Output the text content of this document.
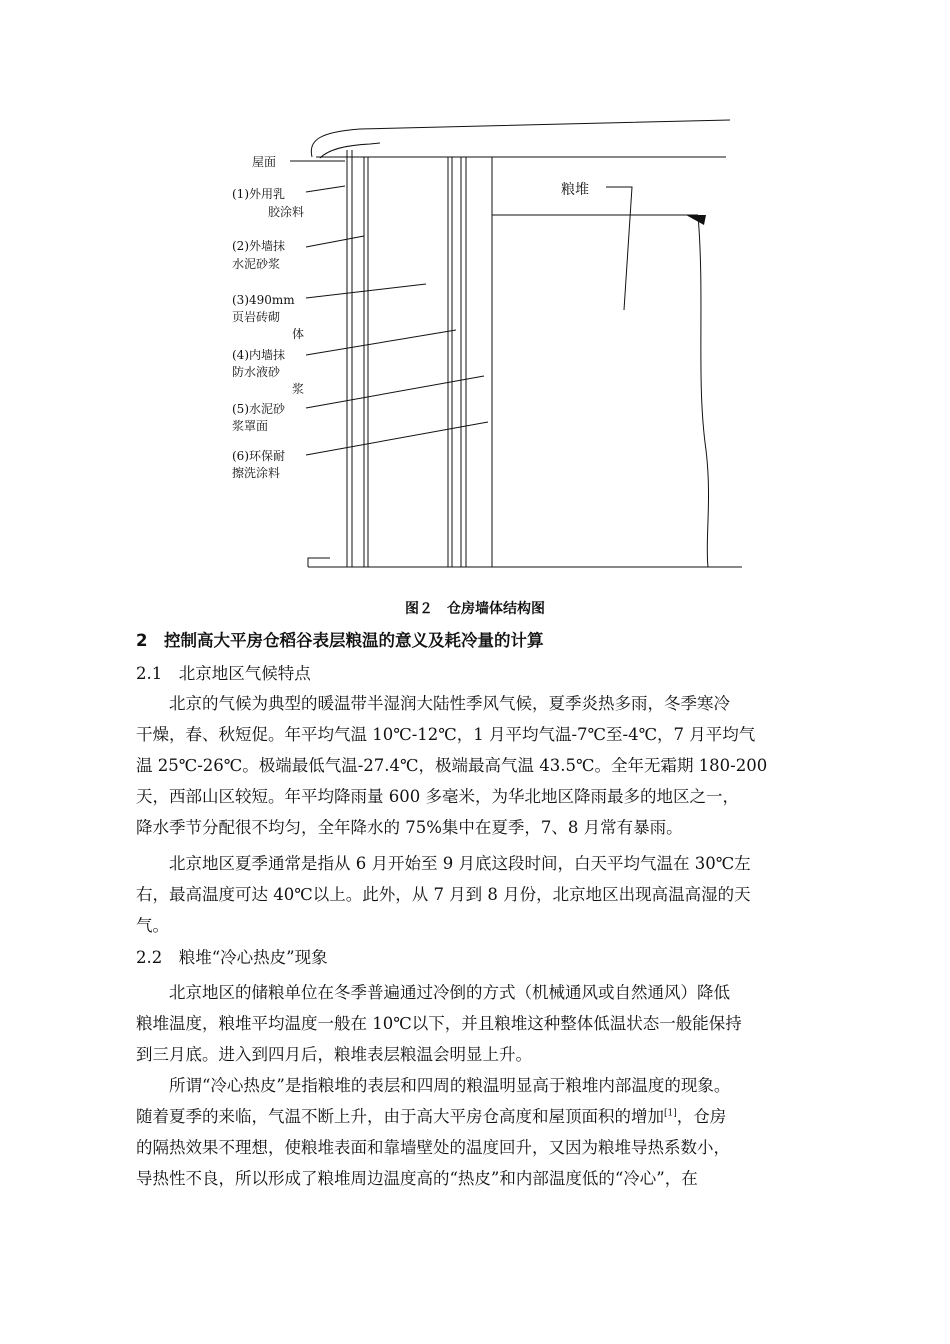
屋面
(1)外用乳
胶涂料
(2)外墙抹
水泥砂浆
(3)490mm
页岩砖砌
体
(4)内墙抹
防水液砂
浆
(5)水泥砂
浆罩面
(6)环保耐
擦洗涂料
粮堆
图２　仓房墙体结构图
2　控制高大平房仓稻谷表层粮温的意义及耗冷量的计算
2.1　北京地区气候特点
　　北京的气候为典型的暖温带半湿润大陆性季风气候，夏季炎热多雨，冬季寒冷
干燥，春、秋短促。年平均气温 10℃-12℃，1 月平均气温-7℃至-4℃，7 月平均气
温 25℃-26℃。极端最低气温-27.4℃，极端最高气温 43.5℃。全年无霜期 180-200
天，西部山区较短。年平均降雨量 600 多毫米，为华北地区降雨最多的地区之一，
降水季节分配很不均匀，全年降水的 75%集中在夏季，7、8 月常有暴雨。
　　北京地区夏季通常是指从 6 月开始至 9 月底这段时间，白天平均气温在 30℃左
右，最高温度可达 40℃以上。此外，从 7 月到 8 月份，北京地区出现高温高湿的天
气。
2.2　粮堆“冷心热皮”现象
　　北京地区的储粮单位在冬季普遍通过冷倒的方式（机械通风或自然通风）降低
粮堆温度，粮堆平均温度一般在 10℃以下，并且粮堆这种整体低温状态一般能保持
到三月底。进入到四月后，粮堆表层粮温会明显上升。
　　所谓“冷心热皮”是指粮堆的表层和四周的粮温明显高于粮堆内部温度的现象。
随着夏季的来临，气温不断上升，由于高大平房仓高度和屋顶面积的增加[1]，仓房
的隔热效果不理想，使粮堆表面和靠墙壁处的温度回升，又因为粮堆导热系数小，
导热性不良，所以形成了粮堆周边温度高的“热皮”和内部温度低的“冷心”，在
